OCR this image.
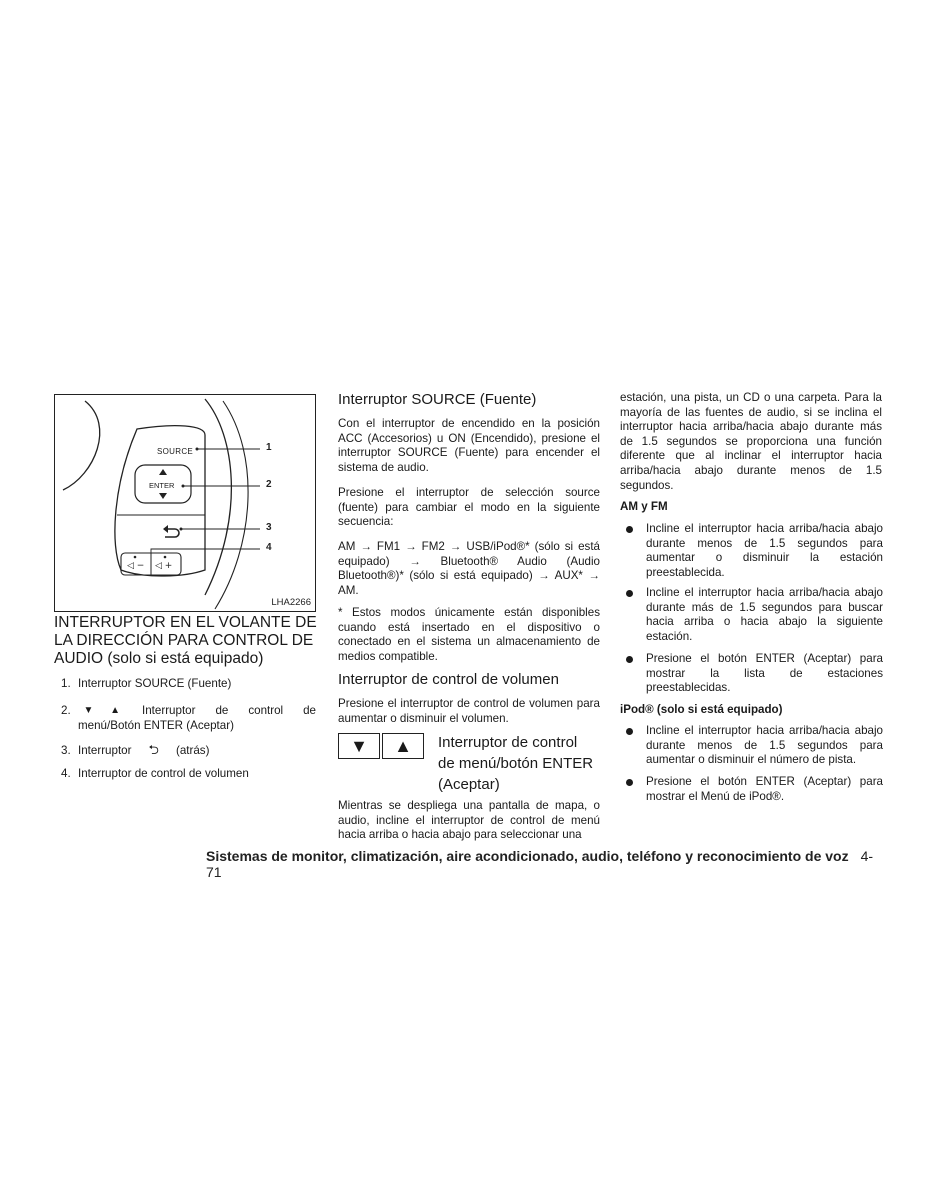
◁ − ◁ +
SOURCE
ENTER
1
2
3
4
LHA2266
INTERRUPTOR EN EL VOLANTE DE
LA DIRECCIÓN PARA CONTROL DE
AUDIO (solo si está equipado)
1. Interruptor SOURCE (Fuente)
2. ▼      ▲	Interruptor de control de
menú/Botón ENTER (Aceptar)
3. Interruptor ⮌ (atrás)
4. Interruptor de control de volumen
Interruptor SOURCE (Fuente)

Con el interruptor de encendido en la posición ACC (Accesorios) u ON (Encendido), presione el interruptor SOURCE (Fuente) para encender el sistema de audio.

Presione el interruptor de selección source (fuente) para cambiar el modo en la siguiente secuencia:

AM → FM1 → FM2 → USB/iPod®* (sólo si está
equipado) → Bluetooth® Audio (Audio
Bluetooth®)* (sólo si está equipado) → AUX* →
AM.

* Estos modos únicamente están disponibles cuando está insertado en el dispositivo o conectado en el sistema un almacenamiento de medios compatible.

Interruptor de control de volumen

Presione el interruptor de control de volumen para aumentar o disminuir el volumen.

▼	▲	Interruptor de control
de menú/botón ENTER
(Aceptar)

Mientras se despliega una pantalla de mapa, o audio, incline el interruptor de control de menú hacia arriba o hacia abajo para seleccionar una

estación, una pista, un CD o una carpeta. Para la mayoría de las fuentes de audio, si se inclina el interruptor hacia arriba/hacia abajo durante más de 1.5 segundos se proporciona una función diferente que al inclinar el interruptor hacia arriba/hacia abajo durante menos de 1.5 segundos.

AM y FM

Incline el interruptor hacia arriba/hacia abajo durante menos de 1.5 segundos para aumentar o disminuir la estación preestablecida.

Incline el interruptor hacia arriba/hacia abajo durante más de 1.5 segundos para buscar hacia arriba o hacia abajo la siguiente estación.

Presione el botón ENTER (Aceptar) para mostrar la lista de estaciones preestablecidas.

iPod® (solo si está equipado)

Incline el interruptor hacia arriba/hacia abajo durante menos de 1.5 segundos para aumentar o disminuir el número de pista.

Presione el botón ENTER (Aceptar) para mostrar el Menú de iPod®.

Sistemas de monitor, climatización, aire acondicionado, audio, teléfono y reconocimiento de voz 4-71
